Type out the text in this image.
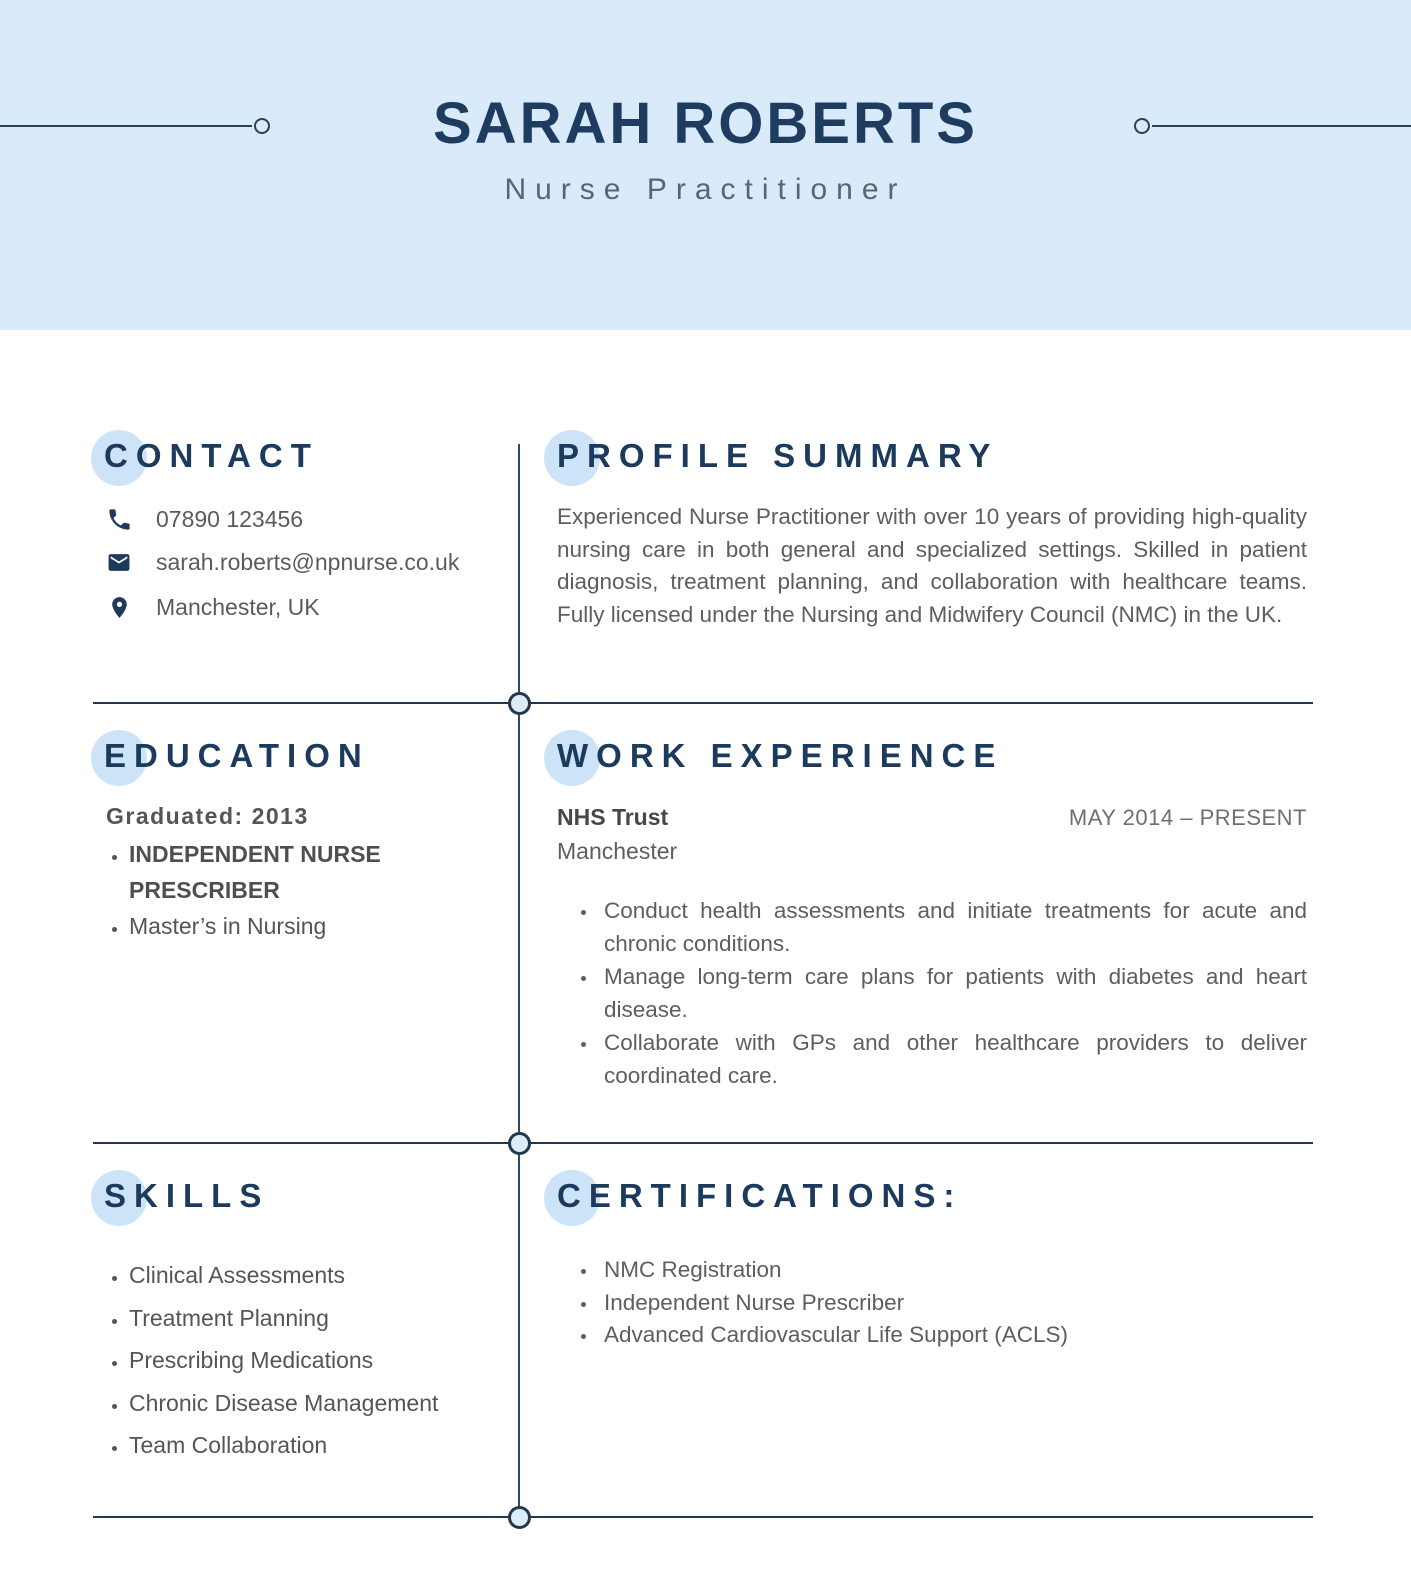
SARAH ROBERTS
Nurse Practitioner
CONTACT
07890 123456
sarah.roberts@npnurse.co.uk
Manchester, UK
PROFILE SUMMARY

Experienced Nurse Practitioner with over 10 years of providing high-quality nursing care in both general and specialized settings. Skilled in patient diagnosis, treatment planning, and collaboration with healthcare teams. Fully licensed under the Nursing and Midwifery Council (NMC) in the UK.

EDUCATION
Graduated: 2013
• INDEPENDENT NURSE PRESCRIBER
• Master’s in Nursing
WORK EXPERIENCE
NHS Trust	MAY 2014 – PRESENT
Manchester
• Conduct health assessments and initiate treatments for acute and chronic conditions.
• Manage long-term care plans for patients with diabetes and heart disease.
• Collaborate with GPs and other healthcare providers to deliver coordinated care.
SKILLS
• Clinical Assessments
• Treatment Planning
• Prescribing Medications
• Chronic Disease Management
• Team Collaboration
CERTIFICATIONS:
• NMC Registration
• Independent Nurse Prescriber
• Advanced Cardiovascular Life Support (ACLS)
